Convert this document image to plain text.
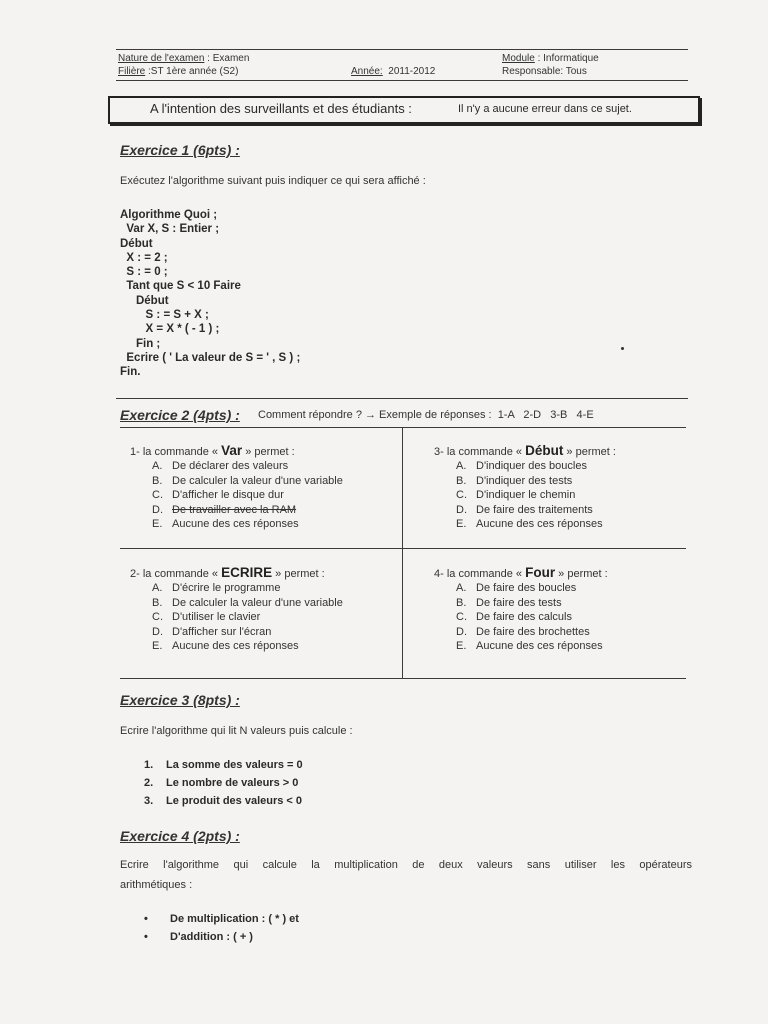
Nature de l'examen : Examen
Filière :ST 1ère année (S2)	Année: 2011-2012
Module : Informatique
Responsable: Tous
A l'intention des surveillants et des étudiants :	Il n'y a aucune erreur dans ce sujet.
Exercice 1 (6pts) :
Exécutez l'algorithme suivant puis indiquer ce qui sera affiché :
Algorithme Quoi ;
Var X, S : Entier ;
Début
X : = 2 ;
S : = 0 ;
Tant que S < 10 Faire
Début
S : = S + X ;
X = X * ( - 1 ) ;
Fin ;
Ecrire ( ' La valeur de S = ' , S ) ;
Fin.
Exercice 2 (4pts) : Comment répondre ? → Exemple de réponses : 1-A   2-D   3-B   4-E
1- la commande « Var » permet :
A. De déclarer des valeurs
B. De calculer la valeur d'une variable
C. D'afficher le disque dur
D. De travailler avec la RAM
E. Aucune des ces réponses
3- la commande « Début » permet :
A. D'indiquer des boucles
B. D'indiquer des tests
C. D'indiquer le chemin
D. De faire des traitements
E. Aucune des ces réponses
2- la commande « ECRIRE » permet :
A. D'écrire le programme
B. De calculer la valeur d'une variable
C. D'utiliser le clavier
D. D'afficher sur l'écran
E. Aucune des ces réponses
4- la commande « Four » permet :
A. De faire des boucles
B. De faire des tests
C. De faire des calculs
D. De faire des brochettes
E. Aucune des ces réponses
Exercice 3 (8pts) :
Ecrire l'algorithme qui lit N valeurs puis calcule :
1. La somme des valeurs = 0
2. Le nombre de valeurs > 0
3. Le produit des valeurs < 0
Exercice 4 (2pts) :
Ecrire l'algorithme qui calcule la multiplication de deux valeurs sans utiliser les opérateurs
arithmétiques :
• De multiplication : ( * ) et
• D'addition : ( + )
